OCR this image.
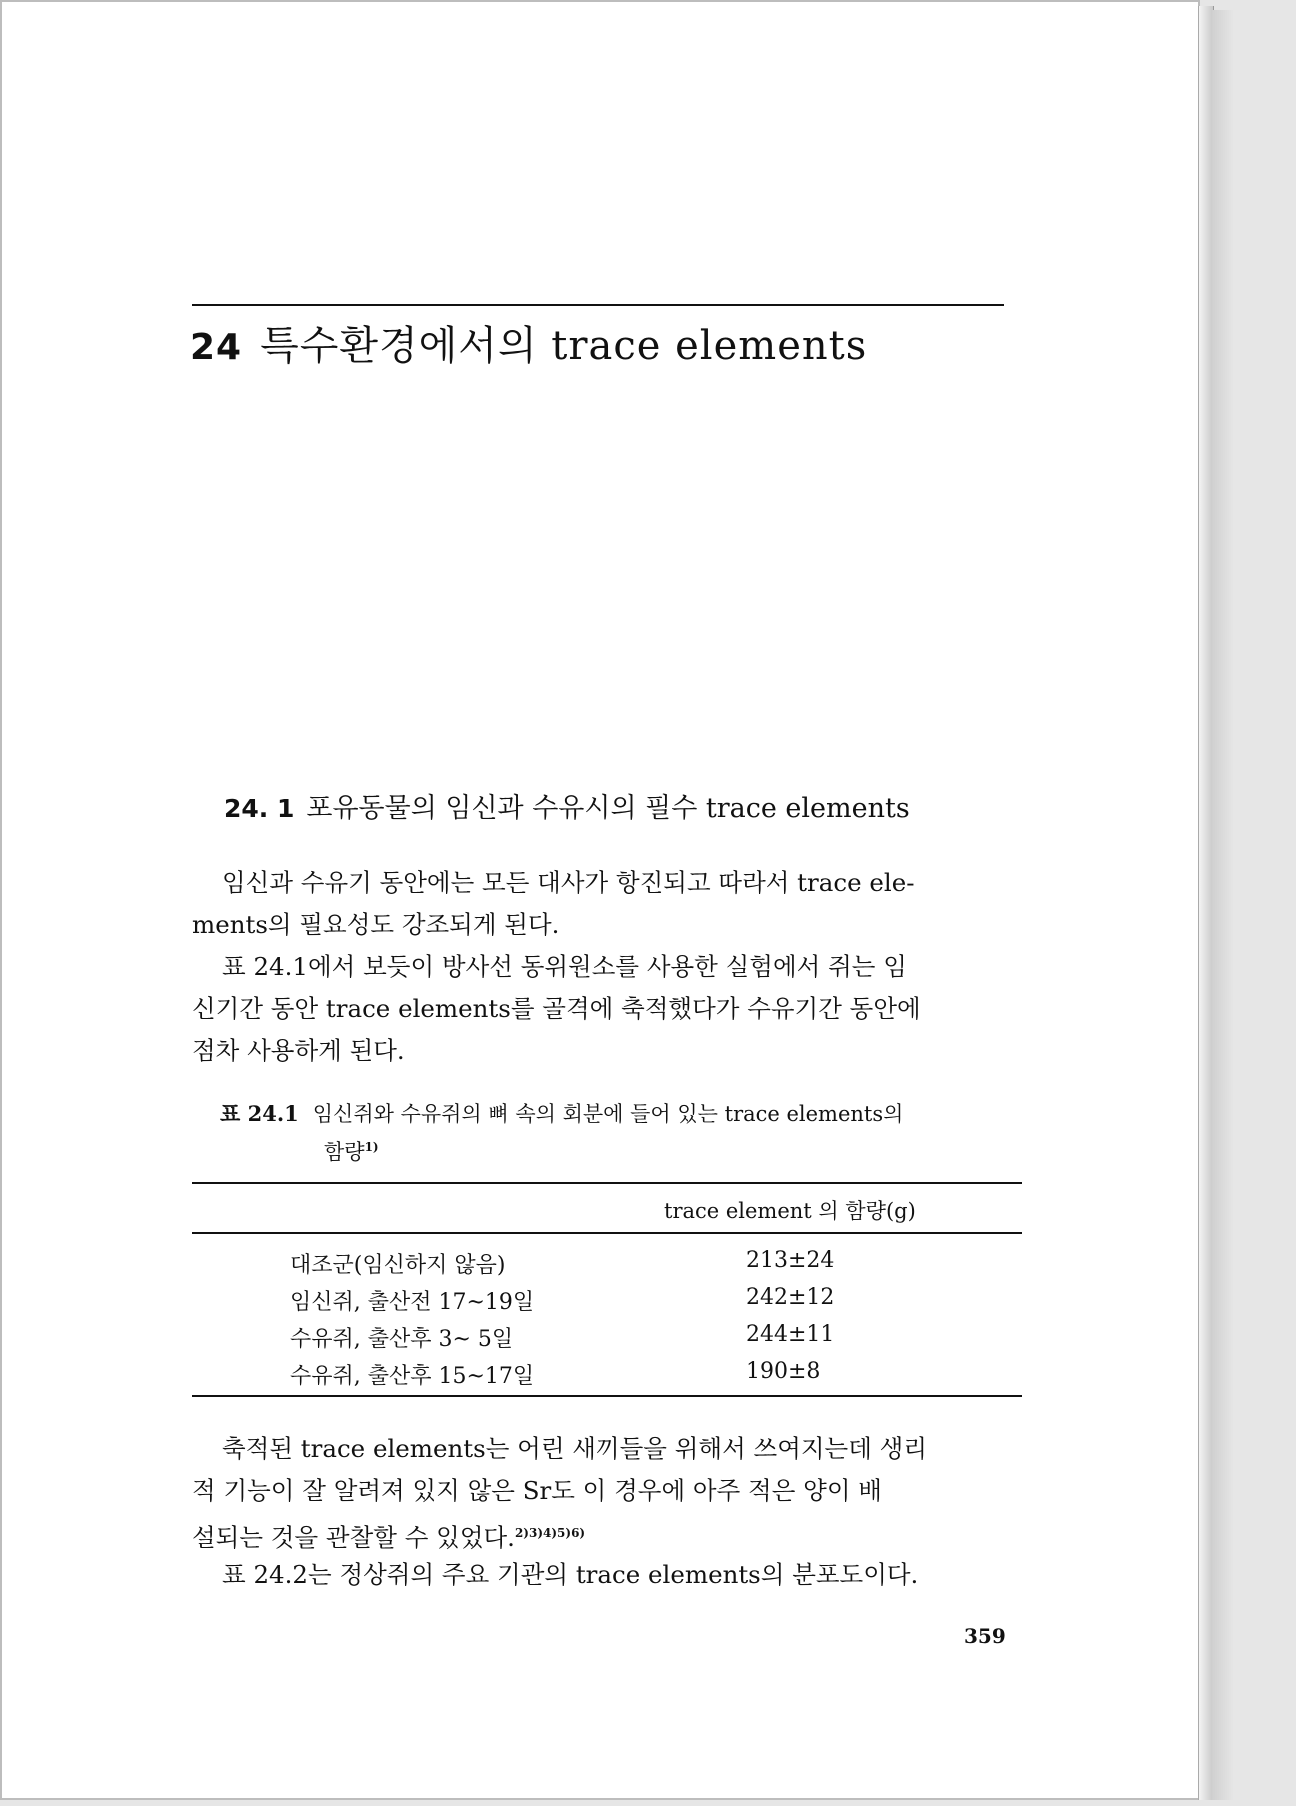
24 특수환경에서의 trace elements
24. 1 포유동물의 임신과 수유시의 필수 trace elements
임신과 수유기 동안에는 모든 대사가 항진되고 따라서 trace ele-
ments의 필요성도 강조되게 된다.
표 24.1에서 보듯이 방사선 동위원소를 사용한 실험에서 쥐는 임
신기간 동안 trace elements를 골격에 축적했다가 수유기간 동안에
점차 사용하게 된다.
표 24.1 임신쥐와 수유쥐의 뼈 속의 회분에 들어 있는 trace elements의
함량$^{1)}$
trace element 의 함량(g)
대조군(임신하지 않음)	213±24
임신쥐, 출산전 17~19일	242±12
수유쥐, 출산후 3~ 5일	244±11
수유쥐, 출산후 15~17일	190±8
축적된 trace elements는 어린 새끼들을 위해서 쓰여지는데 생리
적 기능이 잘 알려져 있지 않은 Sr도 이 경우에 아주 적은 양이 배
설되는 것을 관찰할 수 있었다.$^{2)3)4)5)6)}$
표 24.2는 정상쥐의 주요 기관의 trace elements의 분포도이다.
359
